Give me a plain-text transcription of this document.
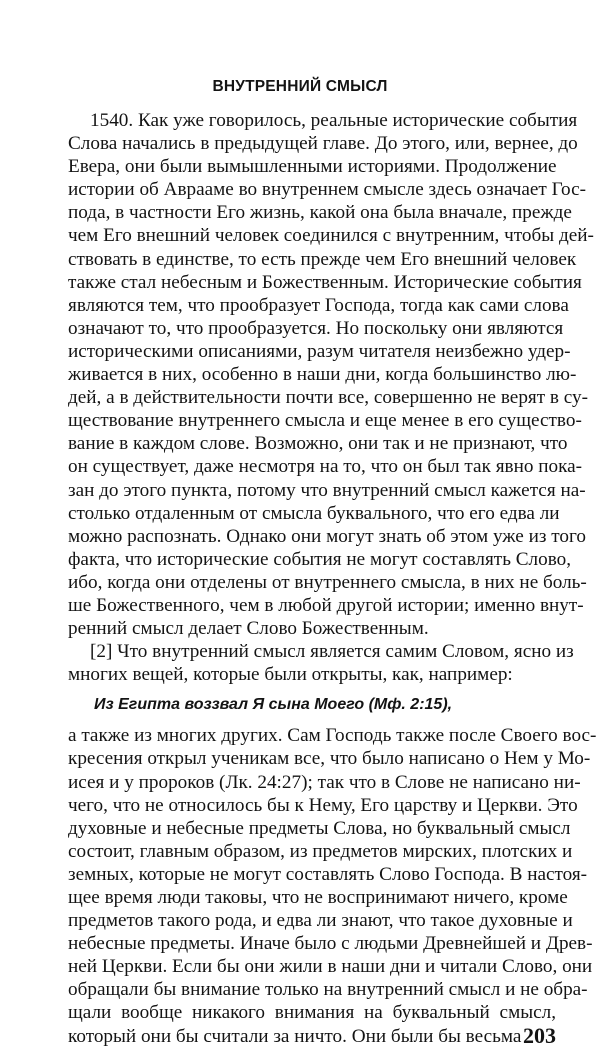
ВНУТРЕННИЙ СМЫСЛ
1540. Как уже говорилось, реальные исторические события
Слова начались в предыдущей главе. До этого, или, вернее, до
Евера, они были вымышленными историями. Продолжение
истории об Аврааме во внутреннем смысле здесь означает Гос-
пода, в частности Его жизнь, какой она была вначале, прежде
чем Его внешний человек соединился с внутренним, чтобы дей-
ствовать в единстве, то есть прежде чем Его внешний человек
также стал небесным и Божественным. Исторические события
являются тем, что прообразует Господа, тогда как сами слова
означают то, что прообразуется. Но поскольку они являются
историческими описаниями, разум читателя неизбежно удер-
живается в них, особенно в наши дни, когда большинство лю-
дей, а в действительности почти все, совершенно не верят в су-
ществование внутреннего смысла и еще менее в его существо-
вание в каждом слове. Возможно, они так и не признают, что
он существует, даже несмотря на то, что он был так явно пока-
зан до этого пункта, потому что внутренний смысл кажется на-
столько отдаленным от смысла буквального, что его едва ли
можно распознать. Однако они могут знать об этом уже из того
факта, что исторические события не могут составлять Слово,
ибо, когда они отделены от внутреннего смысла, в них не боль-
ше Божественного, чем в любой другой истории; именно внут-
ренний смысл делает Слово Божественным.
[2] Что внутренний смысл является самим Словом, ясно из
многих вещей, которые были открыты, как, например:
Из Египта воззвал Я сына Моего (Мф. 2:15),
а также из многих других. Сам Господь также после Своего вос-
кресения открыл ученикам все, что было написано о Нем у Мо-
исея и у пророков (Лк. 24:27); так что в Слове не написано ни-
чего, что не относилось бы к Нему, Его царству и Церкви. Это
духовные и небесные предметы Слова, но буквальный смысл
состоит, главным образом, из предметов мирских, плотских и
земных, которые не могут составлять Слово Господа. В настоя-
щее время люди таковы, что не воспринимают ничего, кроме
предметов такого рода, и едва ли знают, что такое духовные и
небесные предметы. Иначе было с людьми Древнейшей и Древ-
ней Церкви. Если бы они жили в наши дни и читали Слово, они
обращали бы внимание только на внутренний смысл и не обра-
щали вообще никакого внимания на буквальный смысл,
который они бы считали за ничто. Они были бы весьма 203
